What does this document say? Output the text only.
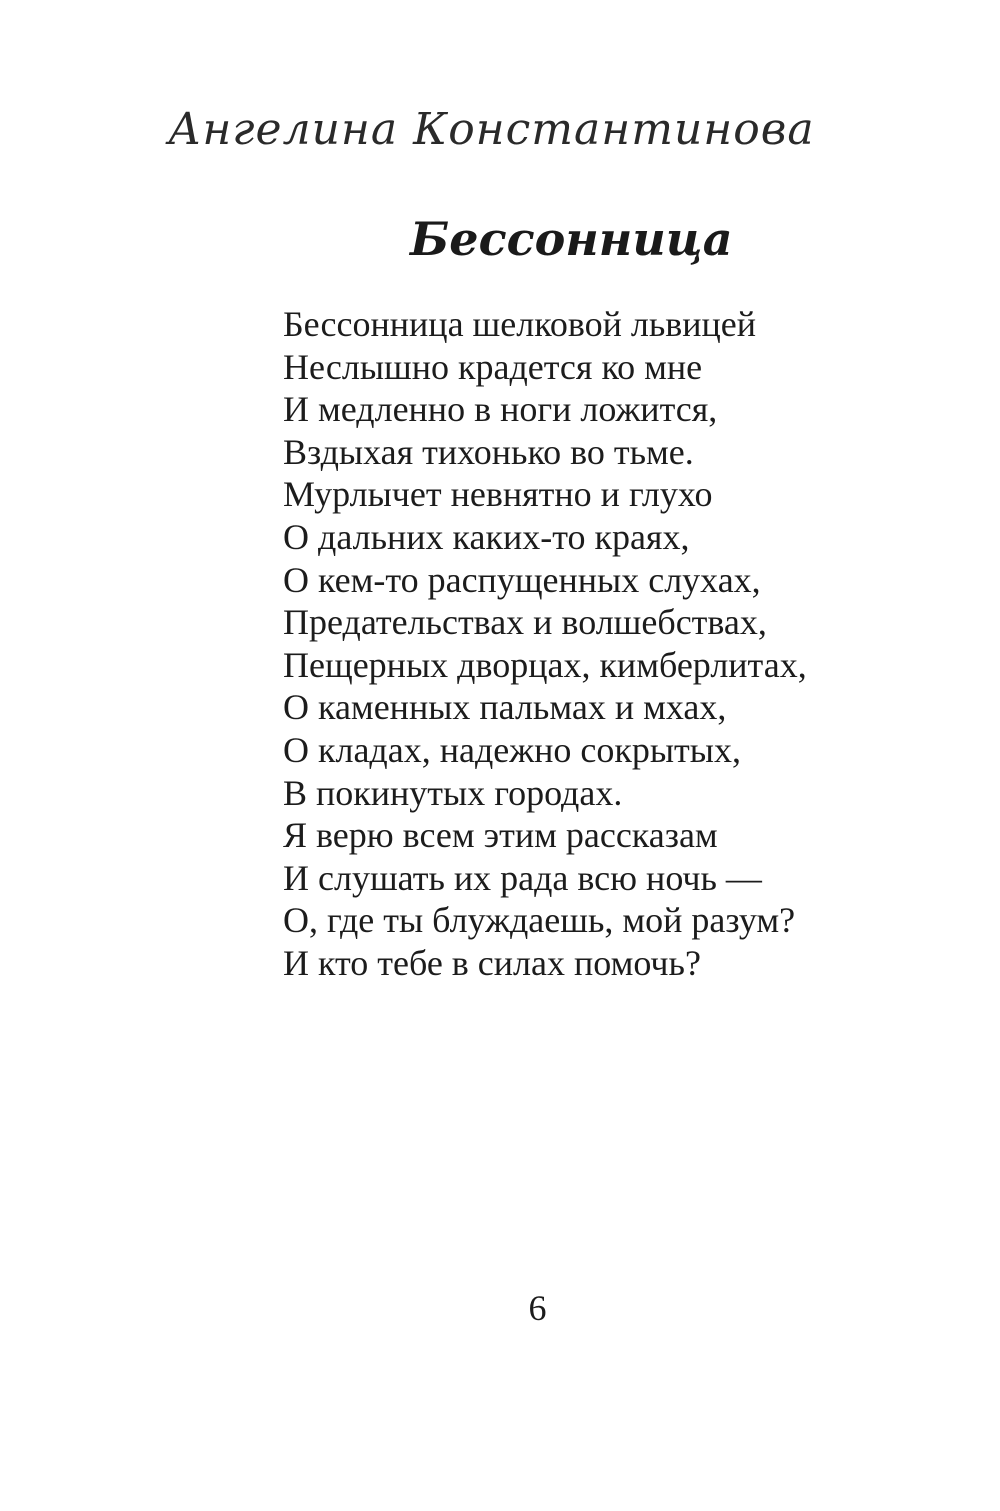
Ангелина Константинова
Бессонница
Бессонница шелковой львицей
Неслышно крадется ко мне
И медленно в ноги ложится,
Вздыхая тихонько во тьме.
Мурлычет невнятно и глухо
О дальних каких-то краях,
О кем-то распущенных слухах,
Предательствах и волшебствах,
Пещерных дворцах, кимберлитах,
О каменных пальмах и мхах,
О кладах, надежно сокрытых,
В покинутых городах.
Я верю всем этим рассказам
И слушать их рада всю ночь —
О, где ты блуждаешь, мой разум?
И кто тебе в силах помочь?
6
